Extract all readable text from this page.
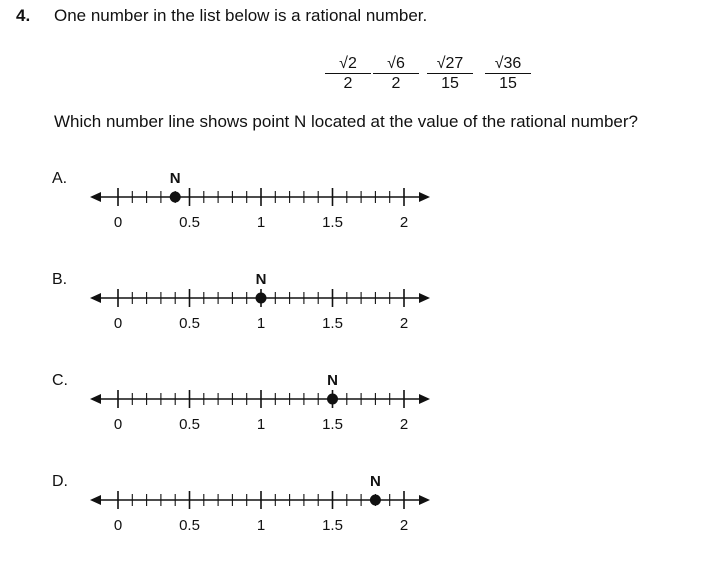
4. One number in the list below is a rational number.
$\frac{√2}{2} \frac{√6}{2} \frac{√27}{15} \frac{√36}{15}$
Which number line shows point N located at the value of the rational number?
A.
0	0.5	1	1.5	2
N
B.
0	0.5	1	1.5	2
N
C.
0	0.5	1	1.5	2
N
D.
0	0.5	1	1.5	2
N
